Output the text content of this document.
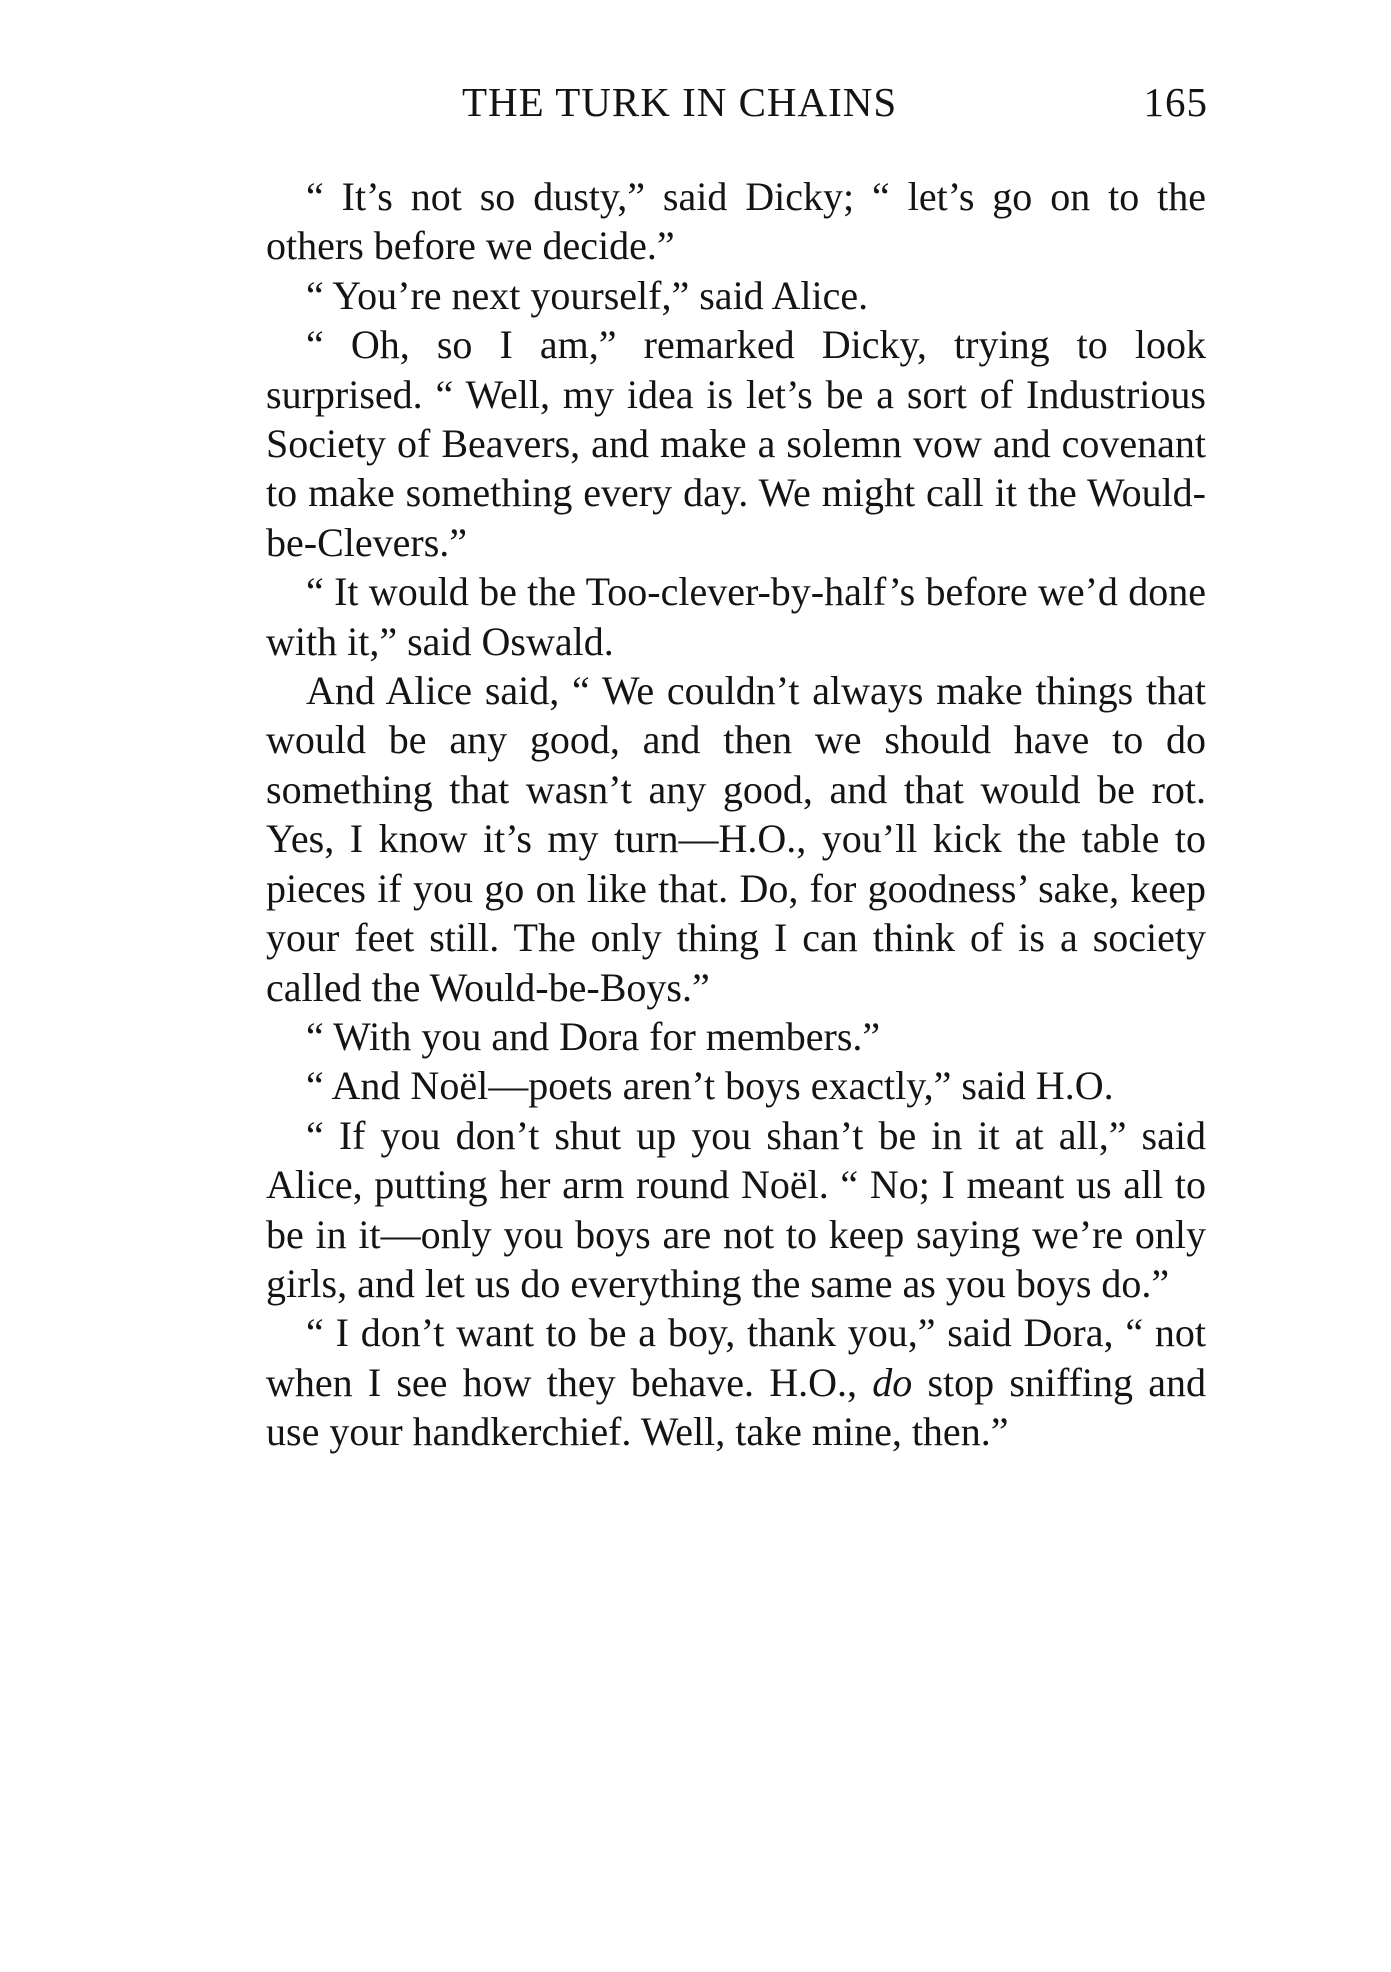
THE TURK IN CHAINS	165

“ It’s not so dusty,” said Dicky; “ let’s go on to the others before we decide.”

“ You’re next yourself,” said Alice.

“ Oh, so I am,” remarked Dicky, trying to look surprised. “ Well, my idea is let’s be a sort of Industrious Society of Beavers, and make a solemn vow and covenant to make something every day. We might call it the Would-be-Clevers.”

“ It would be the Too-clever-by-half’s before we’d done with it,” said Oswald.

And Alice said, “ We couldn’t always make things that would be any good, and then we should have to do something that wasn’t any good, and that would be rot. Yes, I know it’s my turn—H.O., you’ll kick the table to pieces if you go on like that. Do, for goodness’ sake, keep your feet still. The only thing I can think of is a society called the Would-be-Boys.”

“ With you and Dora for members.”

“ And Noël—poets aren’t boys exactly,” said H.O.

“ If you don’t shut up you shan’t be in it at all,” said Alice, putting her arm round Noël. “ No; I meant us all to be in it—only you boys are not to keep saying we’re only girls, and let us do everything the same as you boys do.”

“ I don’t want to be a boy, thank you,” said Dora, “ not when I see how they behave. H.O., do stop sniffing and use your handkerchief. Well, take mine, then.”
